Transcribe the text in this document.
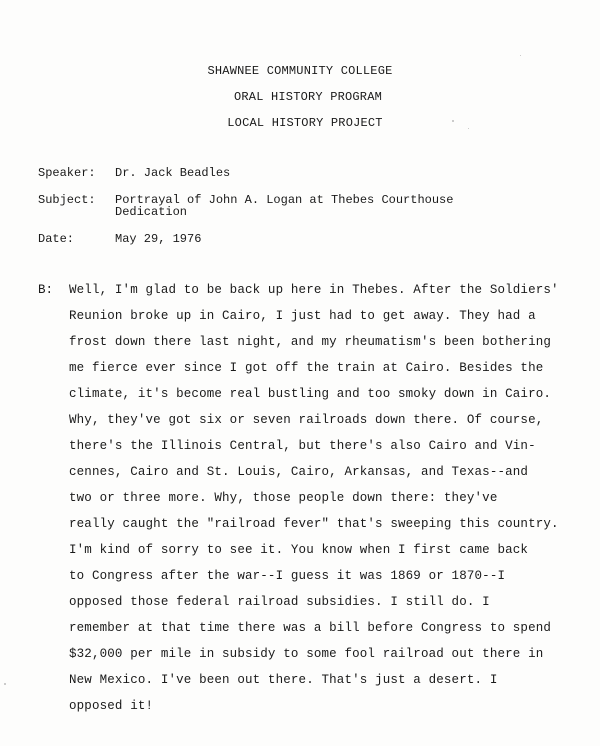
SHAWNEE COMMUNITY COLLEGE
ORAL HISTORY PROGRAM
LOCAL HISTORY PROJECT
Speaker: Dr. Jack Beadles
Subject: Portrayal of John A. Logan at Thebes Courthouse
Dedication
Date:	May 29, 1976
B: Well, I'm glad to be back up here in Thebes. After the Soldiers'
Reunion broke up in Cairo, I just had to get away. They had a
frost down there last night, and my rheumatism's been bothering
me fierce ever since I got off the train at Cairo. Besides the
climate, it's become real bustling and too smoky down in Cairo.
Why, they've got six or seven railroads down there. Of course,
there's the Illinois Central, but there's also Cairo and Vin-
cennes, Cairo and St. Louis, Cairo, Arkansas, and Texas--and
two or three more. Why, those people down there: they've
really caught the "railroad fever" that's sweeping this country.
I'm kind of sorry to see it. You know when I first came back
to Congress after the war--I guess it was 1869 or 1870--I
opposed those federal railroad subsidies. I still do. I
remember at that time there was a bill before Congress to spend
$32,000 per mile in subsidy to some fool railroad out there in
New Mexico. I've been out there. That's just a desert. I
opposed it!
